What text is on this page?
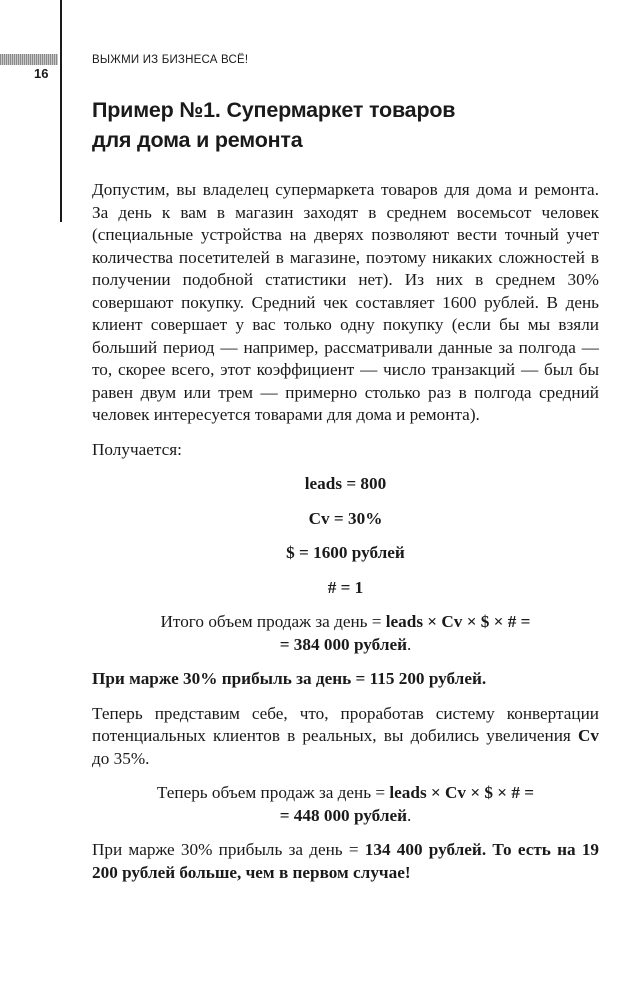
16
ВЫЖМИ ИЗ БИЗНЕСА ВСЁ!
Пример №1. Супермаркет товаров
для дома и ремонта

Допустим, вы владелец супермаркета товаров для дома и ремонта. За день к вам в магазин заходят в среднем восемьсот человек (специальные устройства на дверях позволяют вести точный учет количества посетителей в магазине, поэтому никаких сложностей в получении подобной статистики нет). Из них в среднем 30% совершают покупку. Средний чек составляет 1600 рублей. В день клиент совершает у вас только одну покупку (если бы мы взяли больший период — например, рассматривали данные за полгода — то, скорее всего, этот коэффициент — число транзакций — был бы равен двум или трем — примерно столько раз в полгода средний человек интересуется товарами для дома и ремонта).

Получается:

leads = 800

Cv = 30%

$ = 1600 рублей

# = 1

Итого объем продаж за день = leads × Cv × $ × # =
= 384 000 рублей.

При марже 30% прибыль за день = 115 200 рублей.

Теперь представим себе, что, проработав систему конвертации потенциальных клиентов в реальных, вы добились увеличения Cv до 35%.

Теперь объем продаж за день = leads × Cv × $ × # =
= 448 000 рублей.

При марже 30% прибыль за день = 134 400 рублей. То есть на 19 200 рублей больше, чем в первом случае!
